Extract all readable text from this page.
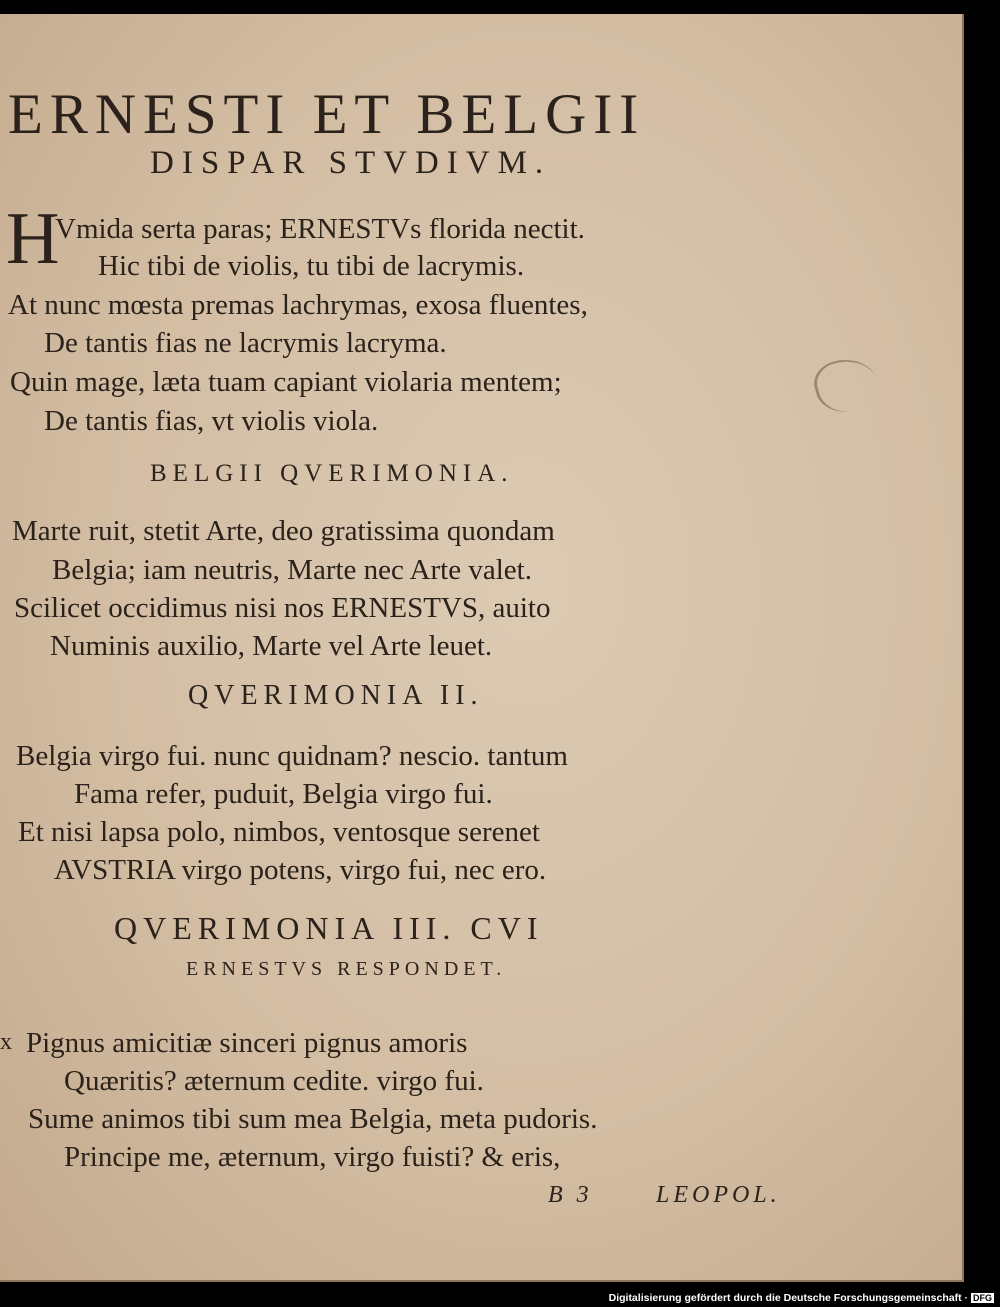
ERNESTI ET BELGII
DISPAR STVDIVM.
H
Vmida serta paras; ERNESTVs florida nectit.
Hic tibi de violis, tu tibi de lacrymis.
At nunc mœsta premas lachrymas, exosa fluentes,
De tantis fias ne lacrymis lacryma.
Quin mage, læta tuam capiant violaria mentem;
De tantis fias, vt violis viola.
BELGII QVERIMONIA.
Marte ruit, stetit Arte, deo gratissima quondam
Belgia; iam neutris, Marte nec Arte valet.
Scilicet occidimus nisi nos ERNESTVS, auito
Numinis auxilio, Marte vel Arte leuet.
QVERIMONIA II.
Belgia virgo fui. nunc quidnam? nescio. tantum
Fama refer, puduit, Belgia virgo fui.
Et nisi lapsa polo, nimbos, ventosque serenet
AVSTRIA virgo potens, virgo fui, nec ero.
QVERIMONIA III. CVI
ERNESTVS RESPONDET.
x Pignus amicitiæ sinceri pignus amoris
Quæritis? æternum cedite. virgo fui.
Sume animos tibi sum mea Belgia, meta pudoris.
Principe me, æternum, virgo fuisti? & eris,
B 3	LEOPOL.
Digitalisierung gefördert durch die Deutsche Forschungsgemeinschaft · DFG
